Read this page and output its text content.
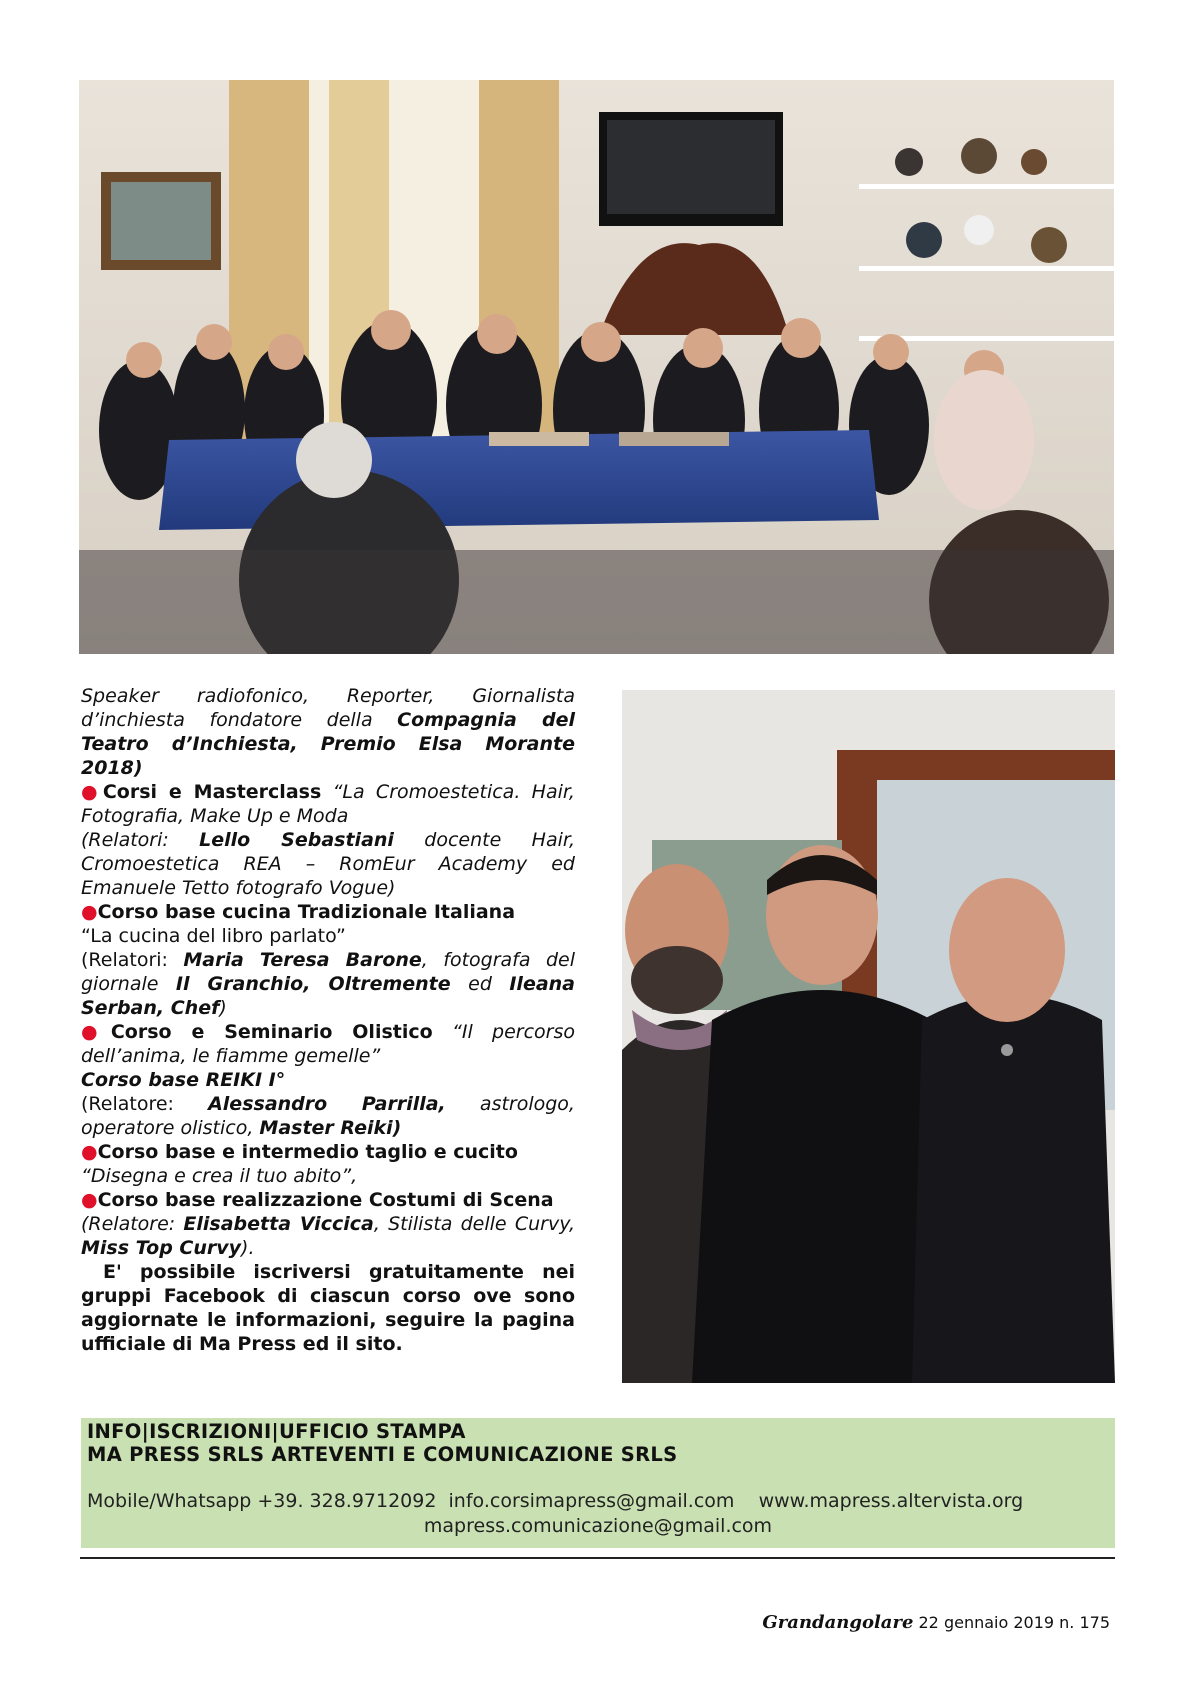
Speaker radiofonico, Reporter, Giornalista d’inchiesta fondatore della Compagnia del Teatro d’Inchiesta, Premio Elsa Morante 2018)

●Corsi e Masterclass “La Cromoestetica. Hair, Fotografia, Make Up e Moda

(Relatori: Lello Sebastiani docente Hair, Cromoestetica REA – RomEur Academy ed Emanuele Tetto fotografo Vogue)

●Corso base cucina Tradizionale Italiana

“La cucina del libro parlato”

(Relatori: Maria Teresa Barone, fotografa del giornale Il Granchio, Oltremente ed Ileana Serban, Chef)

●Corso e Seminario Olistico “Il percorso dell’anima, le fiamme gemelle”

Corso base REIKI I°

(Relatore: Alessandro Parrilla, astrologo, operatore olistico, Master Reiki)

●Corso base e intermedio taglio e cucito

“Disegna e crea il tuo abito”,

●Corso base realizzazione Costumi di Scena

(Relatore: Elisabetta Viccica, Stilista delle Curvy, Miss Top Curvy).

E' possibile iscriversi gratuitamente nei gruppi Facebook di ciascun corso ove sono aggiornate le informazioni, seguire la pagina ufficiale di Ma Press ed il sito.

INFO|ISCRIZIONI|UFFICIO STAMPA
MA PRESS SRLS ARTEVENTI E COMUNICAZIONE SRLS
Mobile/Whatsapp +39. 328.9712092  info.corsimapress@gmail.com    www.mapress.altervista.org
mapress.comunicazione@gmail.com
Grandangolare 22 gennaio 2019 n. 175
